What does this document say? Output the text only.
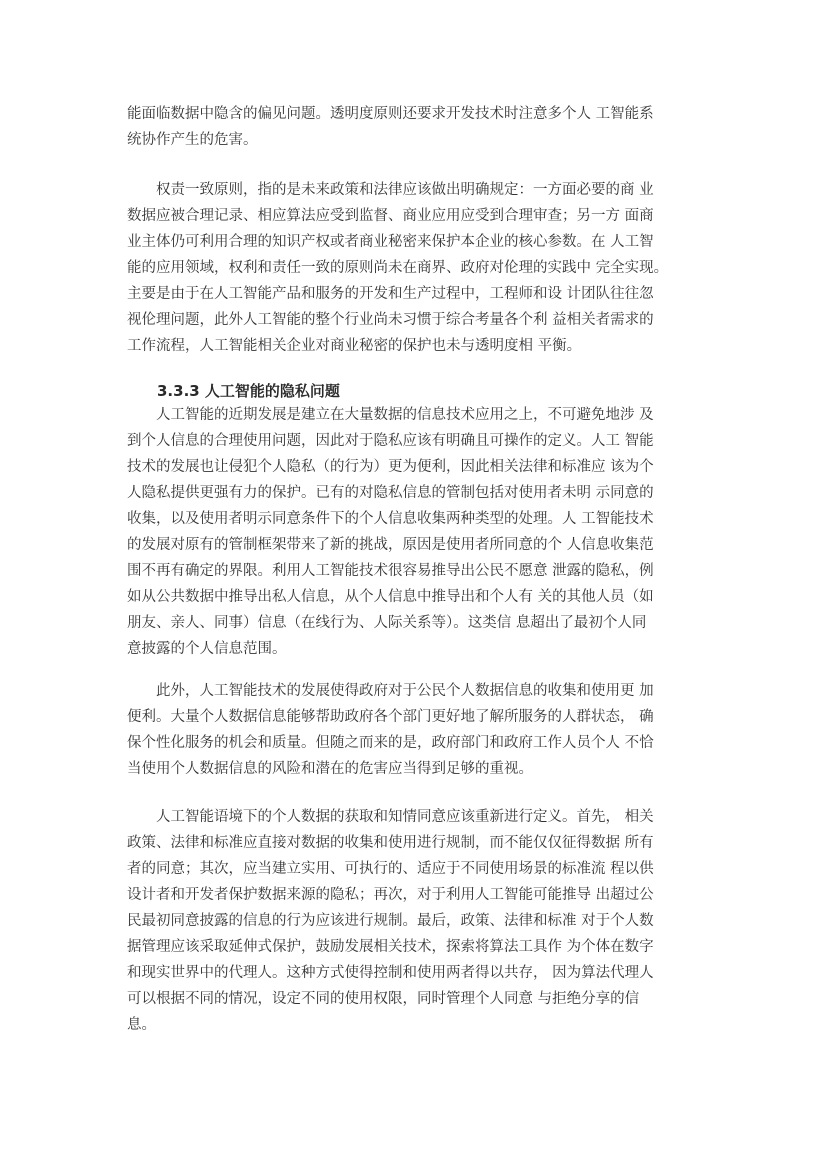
能面临数据中隐含的偏见问题。透明度原则还要求开发技术时注意多个人 工智能系
统协作产生的危害。
权责一致原则，指的是未来政策和法律应该做出明确规定：一方面必要的商 业
数据应被合理记录、相应算法应受到监督、商业应用应受到合理审查；另一方 面商
业主体仍可利用合理的知识产权或者商业秘密来保护本企业的核心参数。在 人工智
能的应用领域，权利和责任一致的原则尚未在商界、政府对伦理的实践中 完全实现。
主要是由于在人工智能产品和服务的开发和生产过程中，工程师和设 计团队往往忽
视伦理问题，此外人工智能的整个行业尚未习惯于综合考量各个利 益相关者需求的
工作流程，人工智能相关企业对商业秘密的保护也未与透明度相 平衡。
3.3.3 人工智能的隐私问题
人工智能的近期发展是建立在大量数据的信息技术应用之上，不可避免地涉 及
到个人信息的合理使用问题，因此对于隐私应该有明确且可操作的定义。人工 智能
技术的发展也让侵犯个人隐私（的行为）更为便利，因此相关法律和标准应 该为个
人隐私提供更强有力的保护。已有的对隐私信息的管制包括对使用者未明 示同意的
收集，以及使用者明示同意条件下的个人信息收集两种类型的处理。人 工智能技术
的发展对原有的管制框架带来了新的挑战，原因是使用者所同意的个 人信息收集范
围不再有确定的界限。利用人工智能技术很容易推导出公民不愿意 泄露的隐私，例
如从公共数据中推导出私人信息，从个人信息中推导出和个人有 关的其他人员（如
朋友、亲人、同事）信息（在线行为、人际关系等）。这类信 息超出了最初个人同
意披露的个人信息范围。
此外，人工智能技术的发展使得政府对于公民个人数据信息的收集和使用更 加
便利。大量个人数据信息能够帮助政府各个部门更好地了解所服务的人群状态， 确
保个性化服务的机会和质量。但随之而来的是，政府部门和政府工作人员个人 不恰
当使用个人数据信息的风险和潜在的危害应当得到足够的重视。
人工智能语境下的个人数据的获取和知情同意应该重新进行定义。首先， 相关
政策、法律和标准应直接对数据的收集和使用进行规制，而不能仅仅征得数据 所有
者的同意；其次，应当建立实用、可执行的、适应于不同使用场景的标准流 程以供
设计者和开发者保护数据来源的隐私；再次，对于利用人工智能可能推导 出超过公
民最初同意披露的信息的行为应该进行规制。最后，政策、法律和标准 对于个人数
据管理应该采取延伸式保护，鼓励发展相关技术，探索将算法工具作 为个体在数字
和现实世界中的代理人。这种方式使得控制和使用两者得以共存， 因为算法代理人
可以根据不同的情况，设定不同的使用权限，同时管理个人同意 与拒绝分享的信
息。
